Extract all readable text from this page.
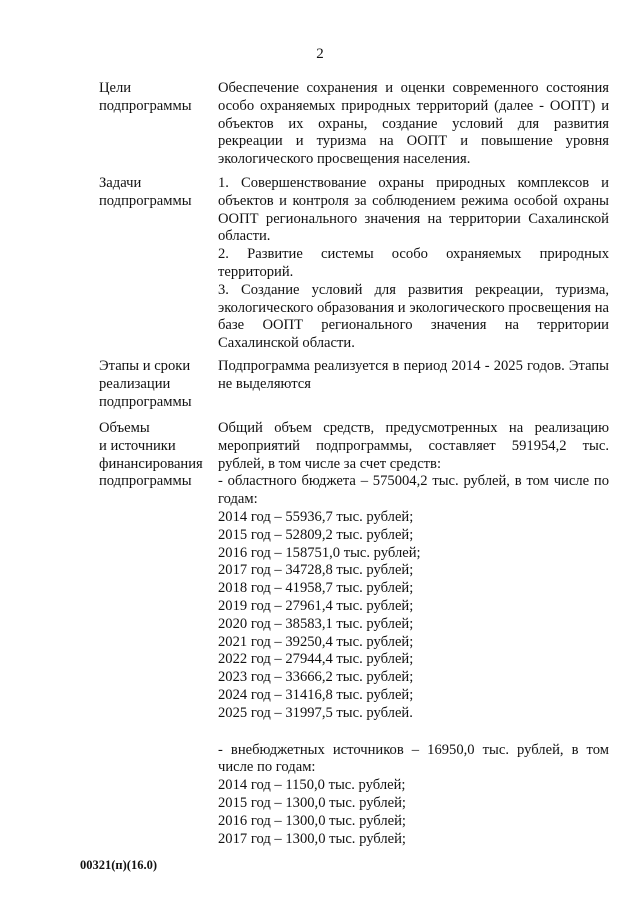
2
Цели
подпрограммы

Обеспечение сохранения и оценки современного состояния особо охраняемых природных территорий (далее - ООПТ) и объектов их охраны, создание условий для развития рекреации и туризма на ООПТ и повышение уровня экологического просвещения населения.

Задачи
подпрограммы

1. Совершенствование охраны природных комплексов и объектов и контроля за соблюдением режима особой охраны ООПТ регионального значения на территории Сахалинской области.

2. Развитие системы особо охраняемых природных территорий.

3. Создание условий для развития рекреации, туризма, экологического образования и экологического просвещения на базе ООПТ регионального значения на территории Сахалинской области.

Этапы и сроки
реализации
подпрограммы

Подпрограмма реализуется в период 2014 - 2025 годов. Этапы не выделяются

Объемы
и источники
финансирования
подпрограммы

Общий объем средств, предусмотренных на реализацию мероприятий подпрограммы, составляет 591954,2 тыс. рублей, в том числе за счет средств:

- областного бюджета – 575004,2 тыс. рублей, в том числе по годам:

2014 год – 55936,7 тыс. рублей;
2015 год – 52809,2 тыс. рублей;
2016 год – 158751,0 тыс. рублей;
2017 год – 34728,8 тыс. рублей;
2018 год – 41958,7 тыс. рублей;
2019 год – 27961,4 тыс. рублей;
2020 год – 38583,1 тыс. рублей;
2021 год – 39250,4 тыс. рублей;
2022 год – 27944,4 тыс. рублей;
2023 год – 33666,2 тыс. рублей;
2024 год – 31416,8 тыс. рублей;
2025 год – 31997,5 тыс. рублей.

- внебюджетных источников – 16950,0 тыс. рублей, в том числе по годам:

2014 год – 1150,0 тыс. рублей;
2015 год – 1300,0 тыс. рублей;
2016 год – 1300,0 тыс. рублей;
2017 год – 1300,0 тыс. рублей;
00321(п)(16.0)
